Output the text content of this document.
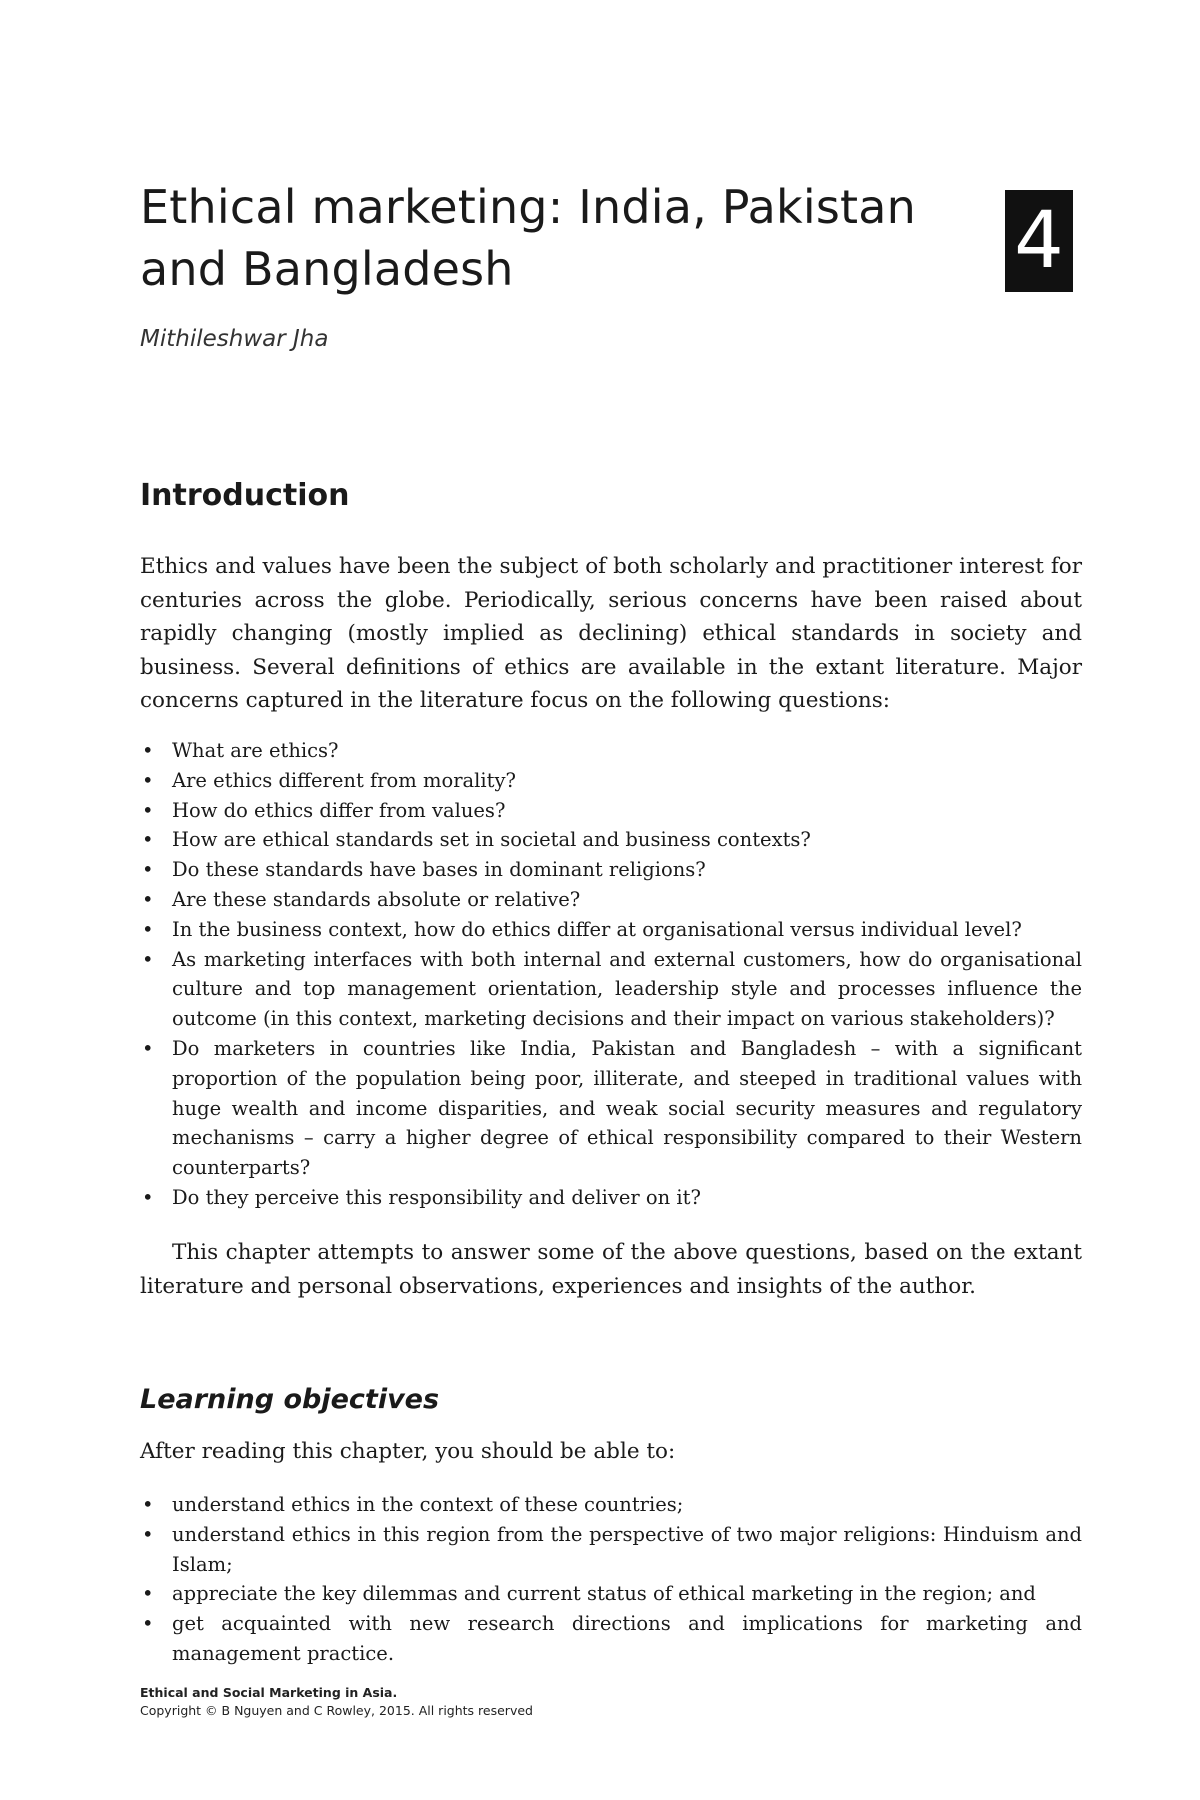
Ethical marketing: India, Pakistan
and Bangladesh	4

Mithileshwar Jha

Introduction

Ethics and values have been the subject of both scholarly and practitioner interest for centuries across the globe. Periodically, serious concerns have been raised about rapidly changing (mostly implied as declining) ethical standards in society and business. Several definitions of ethics are available in the extant literature. Major concerns captured in the literature focus on the following questions:

• What are ethics?
• Are ethics different from morality?
• How do ethics differ from values?
• How are ethical standards set in societal and business contexts?
• Do these standards have bases in dominant religions?
• Are these standards absolute or relative?
• In the business context, how do ethics differ at organisational versus individual level?
• As marketing interfaces with both internal and external customers, how do organisational culture and top management orientation, leadership style and processes influence the outcome (in this context, marketing decisions and their impact on various stakeholders)?
• Do marketers in countries like India, Pakistan and Bangladesh – with a significant proportion of the population being poor, illiterate, and steeped in traditional values with huge wealth and income disparities, and weak social security measures and regulatory mechanisms – carry a higher degree of ethical responsibility compared to their Western counterparts?
• Do they perceive this responsibility and deliver on it?

This chapter attempts to answer some of the above questions, based on the extant literature and personal observations, experiences and insights of the author.

Learning objectives

After reading this chapter, you should be able to:

• understand ethics in the context of these countries;
• understand ethics in this region from the perspective of two major religions: Hinduism and Islam;
• appreciate the key dilemmas and current status of ethical marketing in the region; and
• get acquainted with new research directions and implications for marketing and management practice.
Ethical and Social Marketing in Asia.
Copyright © B Nguyen and C Rowley, 2015. All rights reserved
